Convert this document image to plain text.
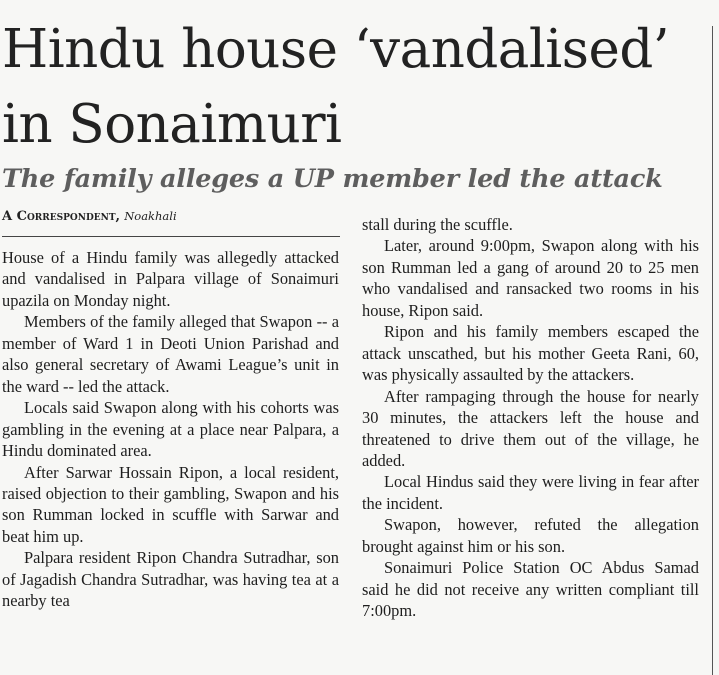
Hindu house ‘vandalised’
in Sonaimuri
The family alleges a UP member led the attack
A Correspondent, Noakhali

House of a Hindu family was allegedly attacked and vandalised in Palpara village of Sonaimuri upazila on Monday night.

Members of the family alleged that Swapon -- a member of Ward 1 in Deoti Union Parishad and also general secretary of Awami League’s unit in the ward -- led the attack.

Locals said Swapon along with his cohorts was gambling in the evening at a place near Palpara, a Hindu dominated area.

After Sarwar Hossain Ripon, a local resident, raised objection to their gambling, Swapon and his son Rumman locked in scuffle with Sarwar and beat him up.

Palpara resident Ripon Chandra Sutradhar, son of Jagadish Chandra Sutradhar, was having tea at a nearby tea

stall during the scuffle.

Later, around 9:00pm, Swapon along with his son Rumman led a gang of around 20 to 25 men who vandalised and ransacked two rooms in his house, Ripon said.

Ripon and his family members escaped the attack unscathed, but his mother Geeta Rani, 60, was physically assaulted by the attackers.

After rampaging through the house for nearly 30 minutes, the attackers left the house and threatened to drive them out of the village, he added.

Local Hindus said they were living in fear after the incident.

Swapon, however, refuted the allegation brought against him or his son.

Sonaimuri Police Station OC Abdus Samad said he did not receive any written compliant till 7:00pm.
